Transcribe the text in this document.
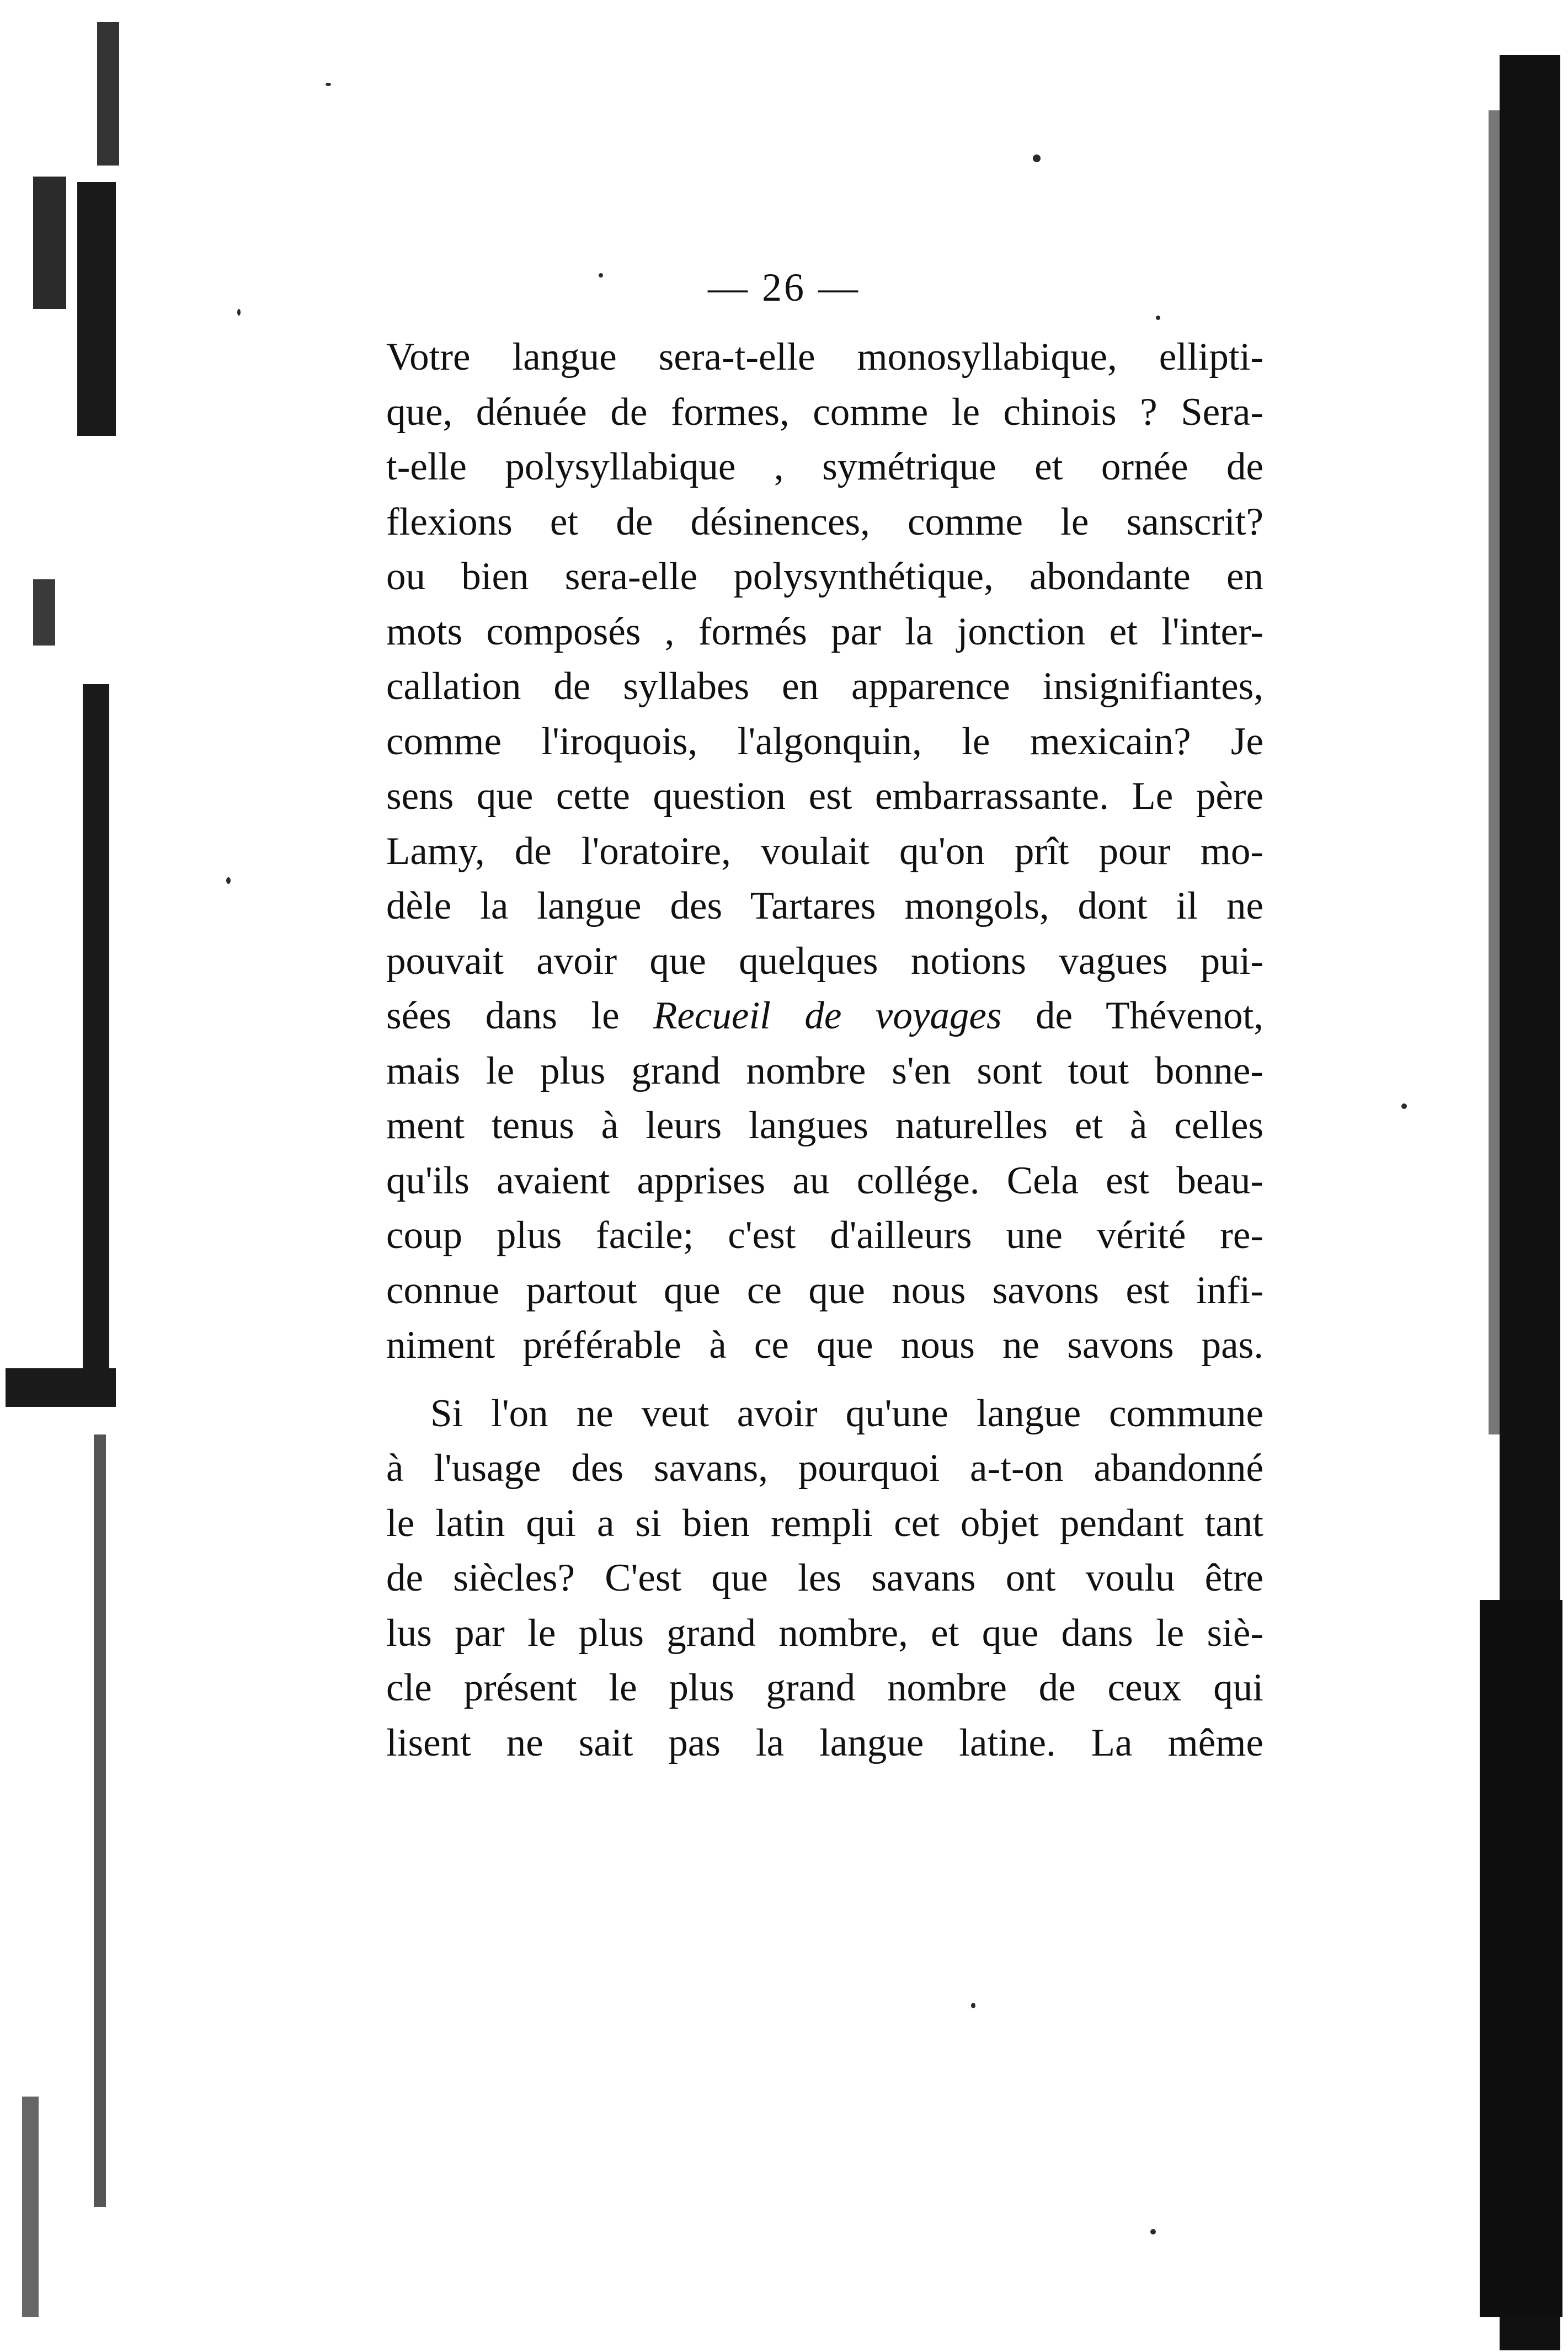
— 26 —
Votre langue sera-t-elle monosyllabique, ellipti-
que, dénuée de formes, comme le chinois ? Sera-
t-elle polysyllabique , symétrique et ornée de
flexions et de désinences, comme le sanscrit?
ou bien sera-elle polysynthétique, abondante en
mots composés , formés par la jonction et l'inter-
callation de syllabes en apparence insignifiantes,
comme l'iroquois, l'algonquin, le mexicain? Je
sens que cette question est embarrassante. Le père
Lamy, de l'oratoire, voulait qu'on prît pour mo-
dèle la langue des Tartares mongols, dont il ne
pouvait avoir que quelques notions vagues pui-
sées dans le Recueil de voyages de Thévenot,
mais le plus grand nombre s'en sont tout bonne-
ment tenus à leurs langues naturelles et à celles
qu'ils avaient apprises au collége. Cela est beau-
coup plus facile; c'est d'ailleurs une vérité re-
connue partout que ce que nous savons est infi-
niment préférable à ce que nous ne savons pas.
Si l'on ne veut avoir qu'une langue commune
à l'usage des savans, pourquoi a-t-on abandonné
le latin qui a si bien rempli cet objet pendant tant
de siècles? C'est que les savans ont voulu être
lus par le plus grand nombre, et que dans le siè-
cle présent le plus grand nombre de ceux qui
lisent ne sait pas la langue latine. La même
